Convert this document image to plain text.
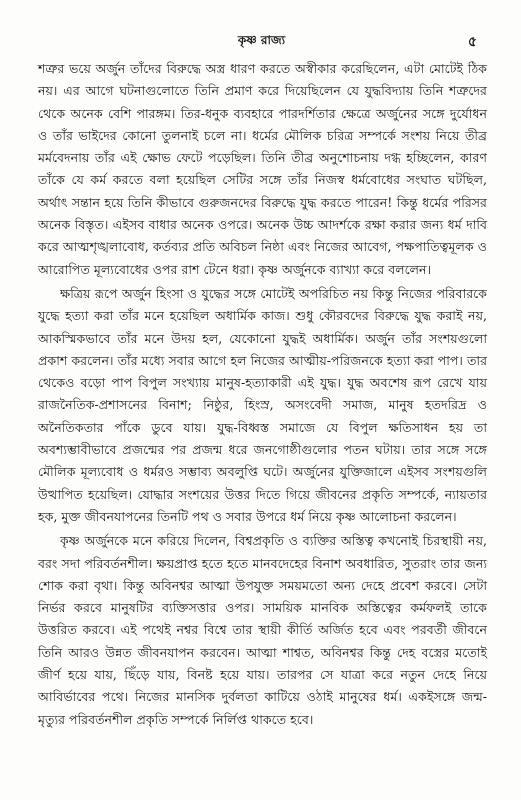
কৃষ্ণ রাজ্য	৫

শত্রুর ভয়ে অর্জুন তাঁদের বিরুদ্ধে অস্ত্র ধারণ করতে অস্বীকার করেছিলেন, এটা মোটেই ঠিক নয়। এর আগে ঘটনাগুলোতে তিনি প্রমাণ করে দিয়েছিলেন যে যুদ্ধবিদ্যায় তিনি শত্রুদের থেকে অনেক বেশি পারঙ্গম। তির-ধনুক ব্যবহারে পারদর্শিতার ক্ষেত্রে অর্জুনের সঙ্গে দুর্যোধন ও তাঁর ভাইদের কোনো তুলনাই চলে না। ধর্মের মৌলিক চরিত্র সম্পর্কে সংশয় নিয়ে তীব্র মর্মবেদনায় তাঁর এই ক্ষোভ ফেটে পড়েছিল। তিনি তীব্র অনুশোচনায় দগ্ধ হচ্ছিলেন, কারণ তাঁকে যে কর্ম করতে বলা হয়েছিল সেটির সঙ্গে তাঁর নিজস্ব ধর্মবোধের সংঘাত ঘটছিল, অর্থাৎ সন্তান হয়ে তিনি কীভাবে গুরুজনদের বিরুদ্ধে যুদ্ধ করতে পারেন! কিন্তু ধর্মের পরিসর অনেক বিস্তৃত। এইসব বাধার অনেক ওপরে। অনেক উচ্চ আদর্শকে রক্ষা করার জন্য ধর্ম দাবি করে আত্মশৃঙ্খলাবোধ, কর্তব্যর প্রতি অবিচল নিষ্ঠা এবং নিজের আবেগ, পক্ষপাতিত্বমূলক ও আরোপিত মূল্যবোধের ওপর রাশ টেনে ধরা। কৃষ্ণ অর্জুনকে ব্যাখ্যা করে বললেন।

ক্ষত্রিয় রূপে অর্জুন হিংসা ও যুদ্ধের সঙ্গে মোটেই অপরিচিত নয় কিন্তু নিজের পরিবারকে যুদ্ধে হত্যা করা তাঁর মনে হয়েছিল অধার্মিক কাজ। শুধু কৌরবদের বিরুদ্ধে যুদ্ধ করাই নয়, আকস্মিকভাবে তাঁর মনে উদয় হল, যেকোনো যুদ্ধই অধার্মিক। অর্জুন তাঁর সংশয়গুলো প্রকাশ করলেন। তাঁর মধ্যে সবার আগে হল নিজের আত্মীয়-পরিজনকে হত্যা করা পাপ। তার থেকেও বড়ো পাপ বিপুল সংখ্যায় মানুষ-হত্যাকারী এই যুদ্ধ। যুদ্ধ অবশেষ রূপ রেখে যায় রাজনৈতিক-প্রশাসনের বিনাশ; নিষ্ঠুর, হিংস্র, অসংবেদী সমাজ, মানুষ হতদরিদ্র ও অনৈতিকতার পাঁকে ডুবে যায়। যুদ্ধ-বিধ্বস্ত সমাজে যে বিপুল ক্ষতিসাধন হয় তা অবশ্যম্ভাবীভাবে প্রজন্মের পর প্রজন্ম ধরে জনগোষ্ঠীগুলোর পতন ঘটায়। তার সঙ্গে সঙ্গে মৌলিক মূল্যবোধ ও ধর্মরও সম্ভাব্য অবলুপ্তি ঘটে। অর্জুনের যুক্তিজালে এইসব সংশয়গুলি উত্থাপিত হয়েছিল। যোদ্ধার সংশয়ের উত্তর দিতে গিয়ে জীবনের প্রকৃতি সম্পর্কে, ন্যায়তার হক, মুক্ত জীবনযাপনের তিনটি পথ ও সবার উপরে ধর্ম নিয়ে কৃষ্ণ আলোচনা করলেন।

কৃষ্ণ অর্জুনকে মনে করিয়ে দিলেন, বিশ্বপ্রকৃতি ও ব্যক্তির অস্তিত্ব কখনোই চিরস্থায়ী নয়, বরং সদা পরিবর্তনশীল। ক্ষয়প্রাপ্ত হতে হতে মানবদেহের বিনাশ অবধারিত, সুতরাং তার জন্য শোক করা বৃথা। কিন্তু অবিনশ্বর আত্মা উপযুক্ত সময়মতো অন্য দেহে প্রবেশ করবে। সেটা নির্ভর করবে মানুষটির ব্যক্তিসত্তার ওপর। সাময়িক মানবিক অস্তিত্বের কর্মফলই তাকে উত্তরিত করবে। এই পথেই নশ্বর বিশ্বে তার স্থায়ী কীর্তি অর্জিত হবে এবং পরবর্তী জীবনে তিনি আরও উন্নত জীবনযাপন করবেন। আত্মা শাশ্বত, অবিনশ্বর কিন্তু দেহ বস্ত্রের মতোই জীর্ণ হয়ে যায়, ছিঁড়ে যায়, বিনষ্ট হয়ে যায়। তারপর সে যাত্রা করে নতুন দেহে নিয়ে আবির্ভাবের পথে। নিজের মানসিক দুর্বলতা কাটিয়ে ওঠাই মানুষের ধর্ম। একইসঙ্গে জন্ম-মৃত্যুর পরিবর্তনশীল প্রকৃতি সম্পর্কে নির্লিপ্ত থাকতে হবে।
